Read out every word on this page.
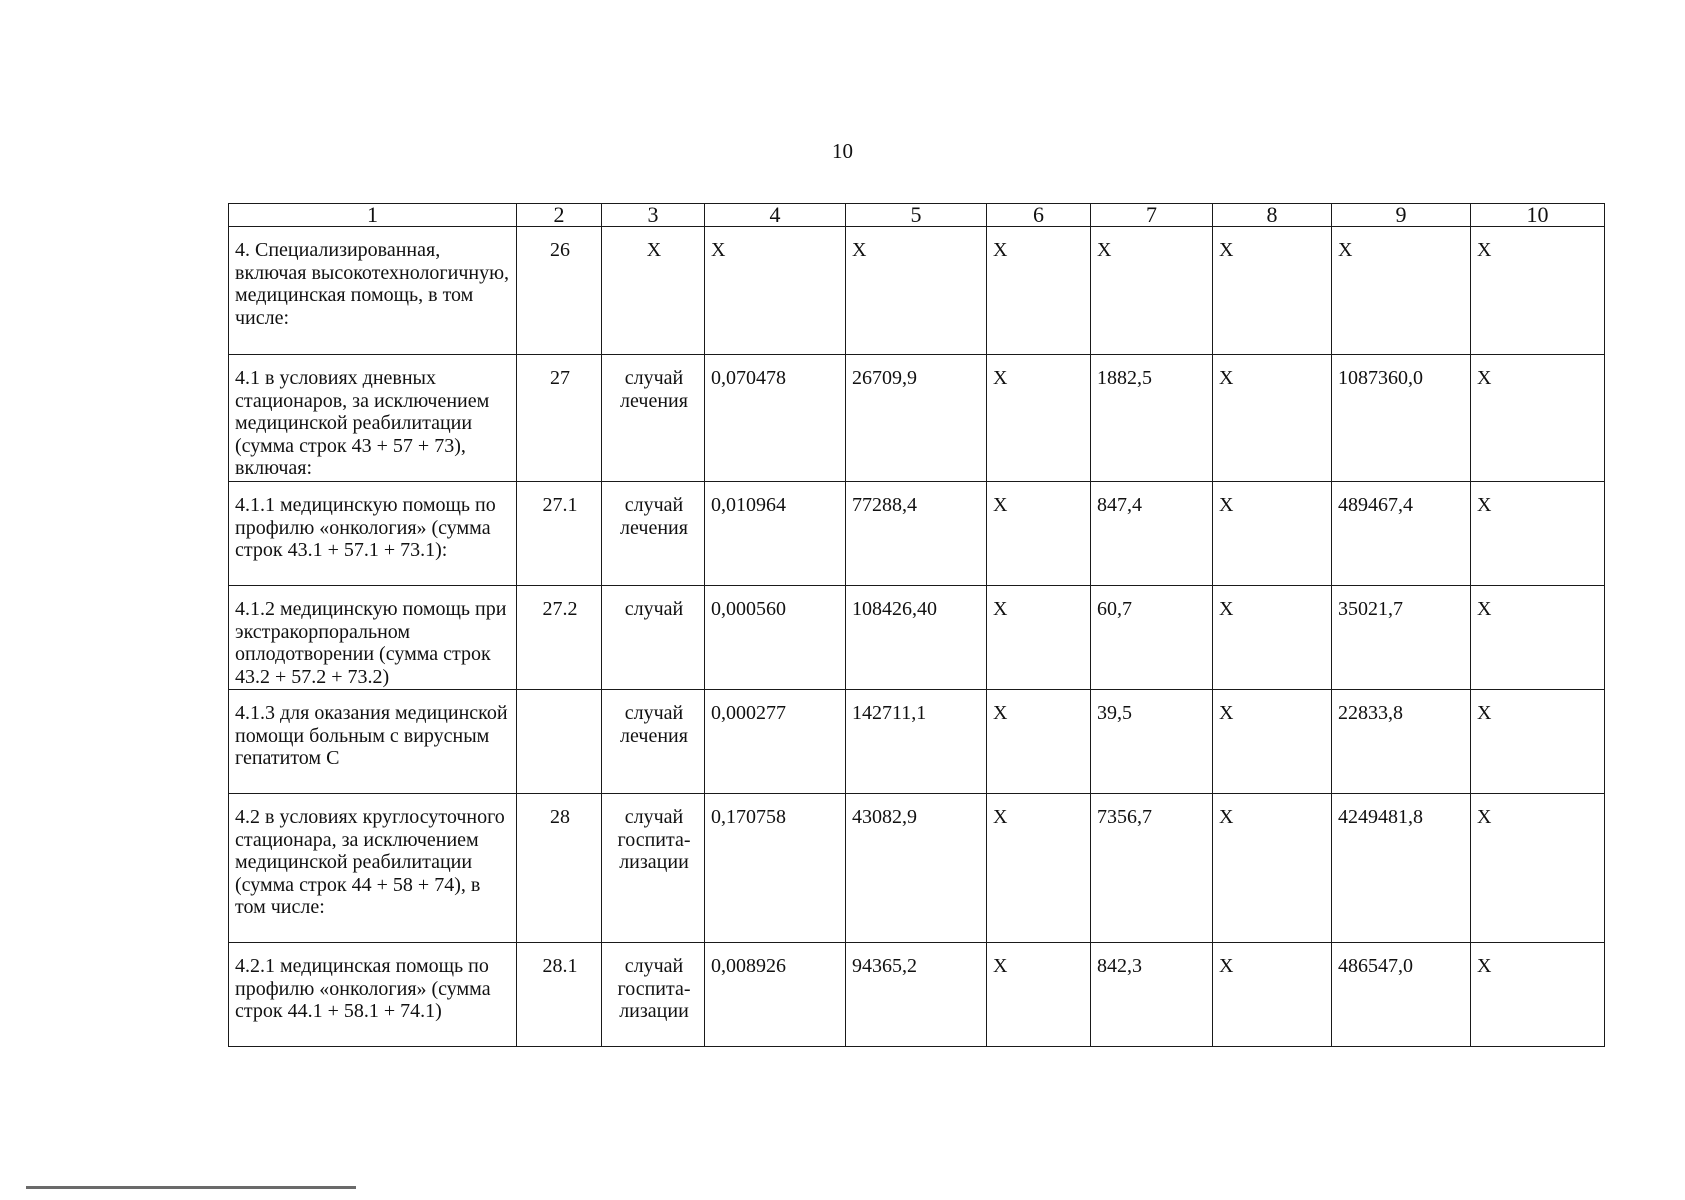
10
1	2	3	4	5	6	7	8	9	10
4. Специализированная, включая высокотехнологичную, медицинская помощь, в том числе:	26	Х	Х	Х	Х	Х	Х	Х	Х
4.1 в условиях дневных стационаров, за исключением медицинской реабилитации (сумма строк 43 + 57 + 73), включая:	27	случай лечения	0,070478	26709,9	Х	1882,5	Х	1087360,0	Х
4.1.1 медицинскую помощь по профилю «онкология» (сумма строк 43.1 + 57.1 + 73.1):	27.1	случай лечения	0,010964	77288,4	Х	847,4	Х	489467,4	Х
4.1.2 медицинскую помощь при экстракорпоральном оплодотворении (сумма строк 43.2 + 57.2 + 73.2)	27.2	случай	0,000560	108426,40	Х	60,7	Х	35021,7	Х
4.1.3 для оказания медицинской помощи больным с вирусным гепатитом С		случай лечения	0,000277	142711,1	Х	39,5	Х	22833,8	Х
4.2 в условиях круглосуточного стационара, за исключением медицинской реабилитации (сумма строк 44 + 58 + 74), в том числе:	28	случай госпита-лизации	0,170758	43082,9	Х	7356,7	Х	4249481,8	Х
4.2.1 медицинская помощь по профилю «онкология» (сумма строк 44.1 + 58.1 + 74.1)	28.1	случай госпита-лизации	0,008926	94365,2	Х	842,3	Х	486547,0	Х
